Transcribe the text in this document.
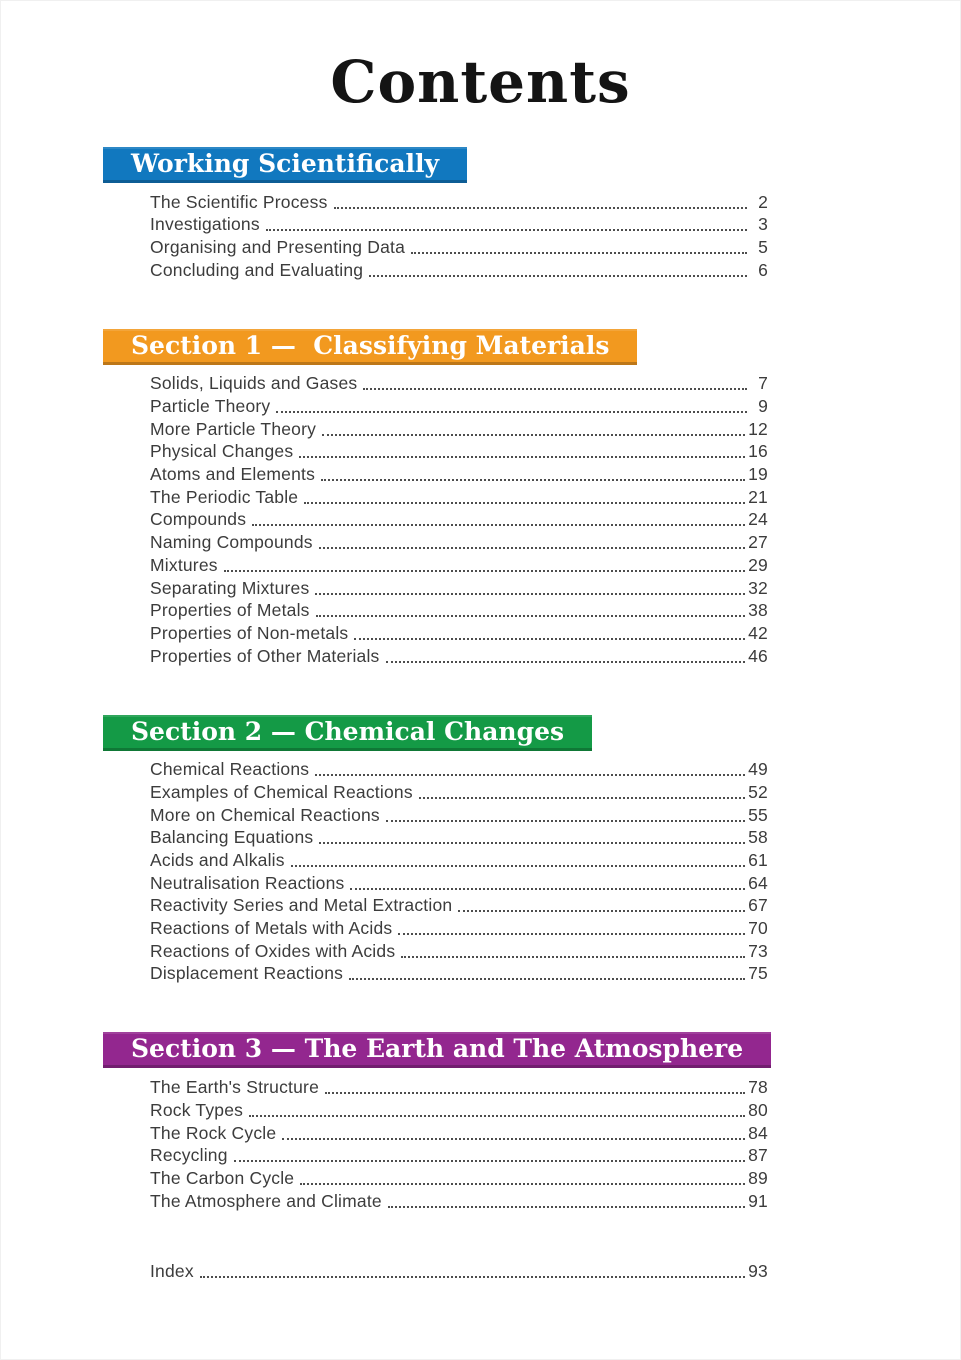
Contents
Working Scientifically
The Scientific Process	2
Investigations	3
Organising and Presenting Data	5
Concluding and Evaluating	6
Section 1 —  Classifying Materials
Solids, Liquids and Gases	7
Particle Theory	9
More Particle Theory	12
Physical Changes	16
Atoms and Elements	19
The Periodic Table	21
Compounds	24
Naming Compounds	27
Mixtures	29
Separating Mixtures	32
Properties of Metals	38
Properties of Non-metals	42
Properties of Other Materials	46
Section 2 — Chemical Changes
Chemical Reactions	49
Examples of Chemical Reactions	52
More on Chemical Reactions	55
Balancing Equations	58
Acids and Alkalis	61
Neutralisation Reactions	64
Reactivity Series and Metal Extraction	67
Reactions of Metals with Acids	70
Reactions of Oxides with Acids	73
Displacement Reactions	75
Section 3 — The Earth and The Atmosphere
The Earth's Structure	78
Rock Types	80
The Rock Cycle	84
Recycling	87
The Carbon Cycle	89
The Atmosphere and Climate	91
Index	93
